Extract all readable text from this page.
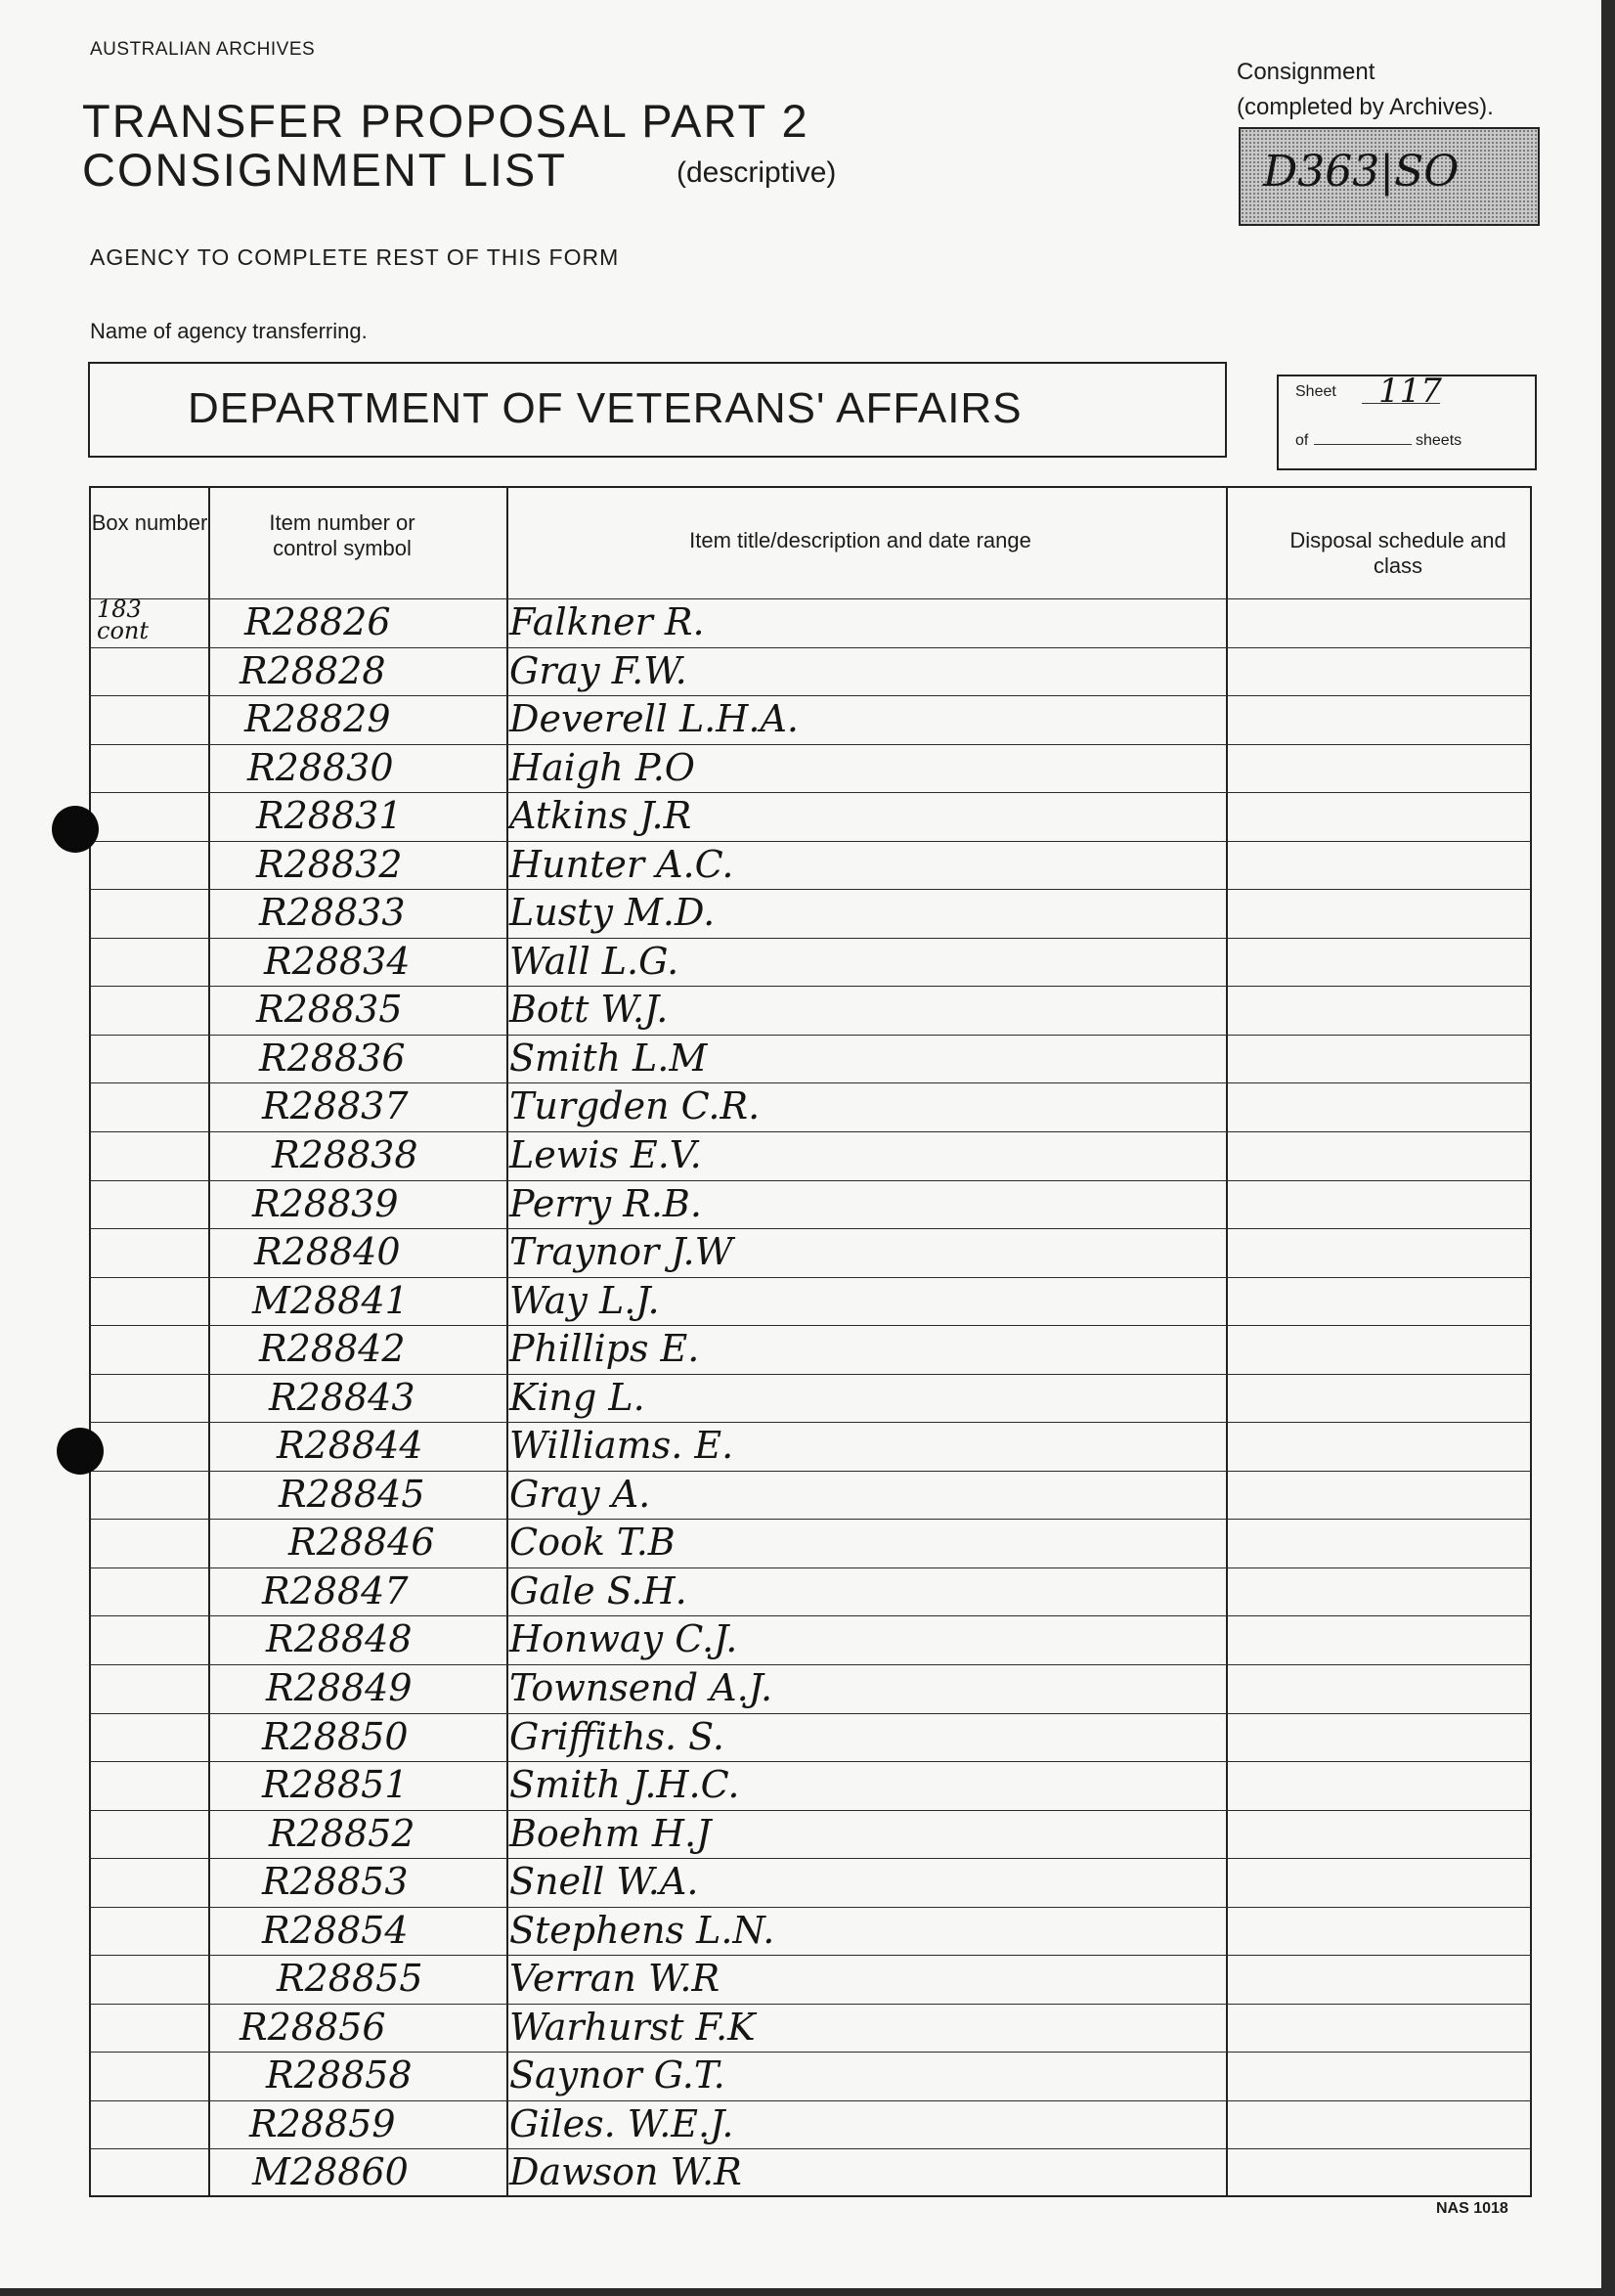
AUSTRALIAN ARCHIVES
TRANSFER PROPOSAL PART 2
CONSIGNMENT LIST	(descriptive)
AGENCY TO COMPLETE REST OF THIS FORM
Name of agency transferring.
Consignment
(completed by Archives).
D363|SO
DEPARTMENT OF VETERANS' AFFAIRS	Sheet 117
of	sheets
Box number	Item number or control symbol	Item title/description and date range	Disposal schedule and class
183 cont	R28826	Falkner R.
R28828	Gray F.W.
R28829	Deverell L.H.A.
R28830	Haigh P.O
R28831	Atkins J.R
R28832	Hunter A.C.
R28833	Lusty M.D.
R28834	Wall L.G.
R28835	Bott W.J.
R28836	Smith L.M
R28837	Turgden C.R.
R28838 Lewis E.V.
R28839	Perry R.B.
R28840	Traynor J.W
M28841	Way L.J.
R28842	Phillips E.
R28843	King L.
R28844 Williams. E.
R28845 Gray A.
R28846 Cook T.B
R28847	Gale S.H.
R28848	Honway C.J.
R28849	Townsend A.J.
R28850	Griffiths. S.
R28851	Smith J.H.C.
R28852	Boehm H.J
R28853	Snell W.A.
R28854	Stephens L.N.
R28855 Verran W.R
R28856	Warhurst F.K
R28858	Saynor G.T.
R28859	Giles. W.E.J.
M28860	Dawson W.R
NAS 1018
